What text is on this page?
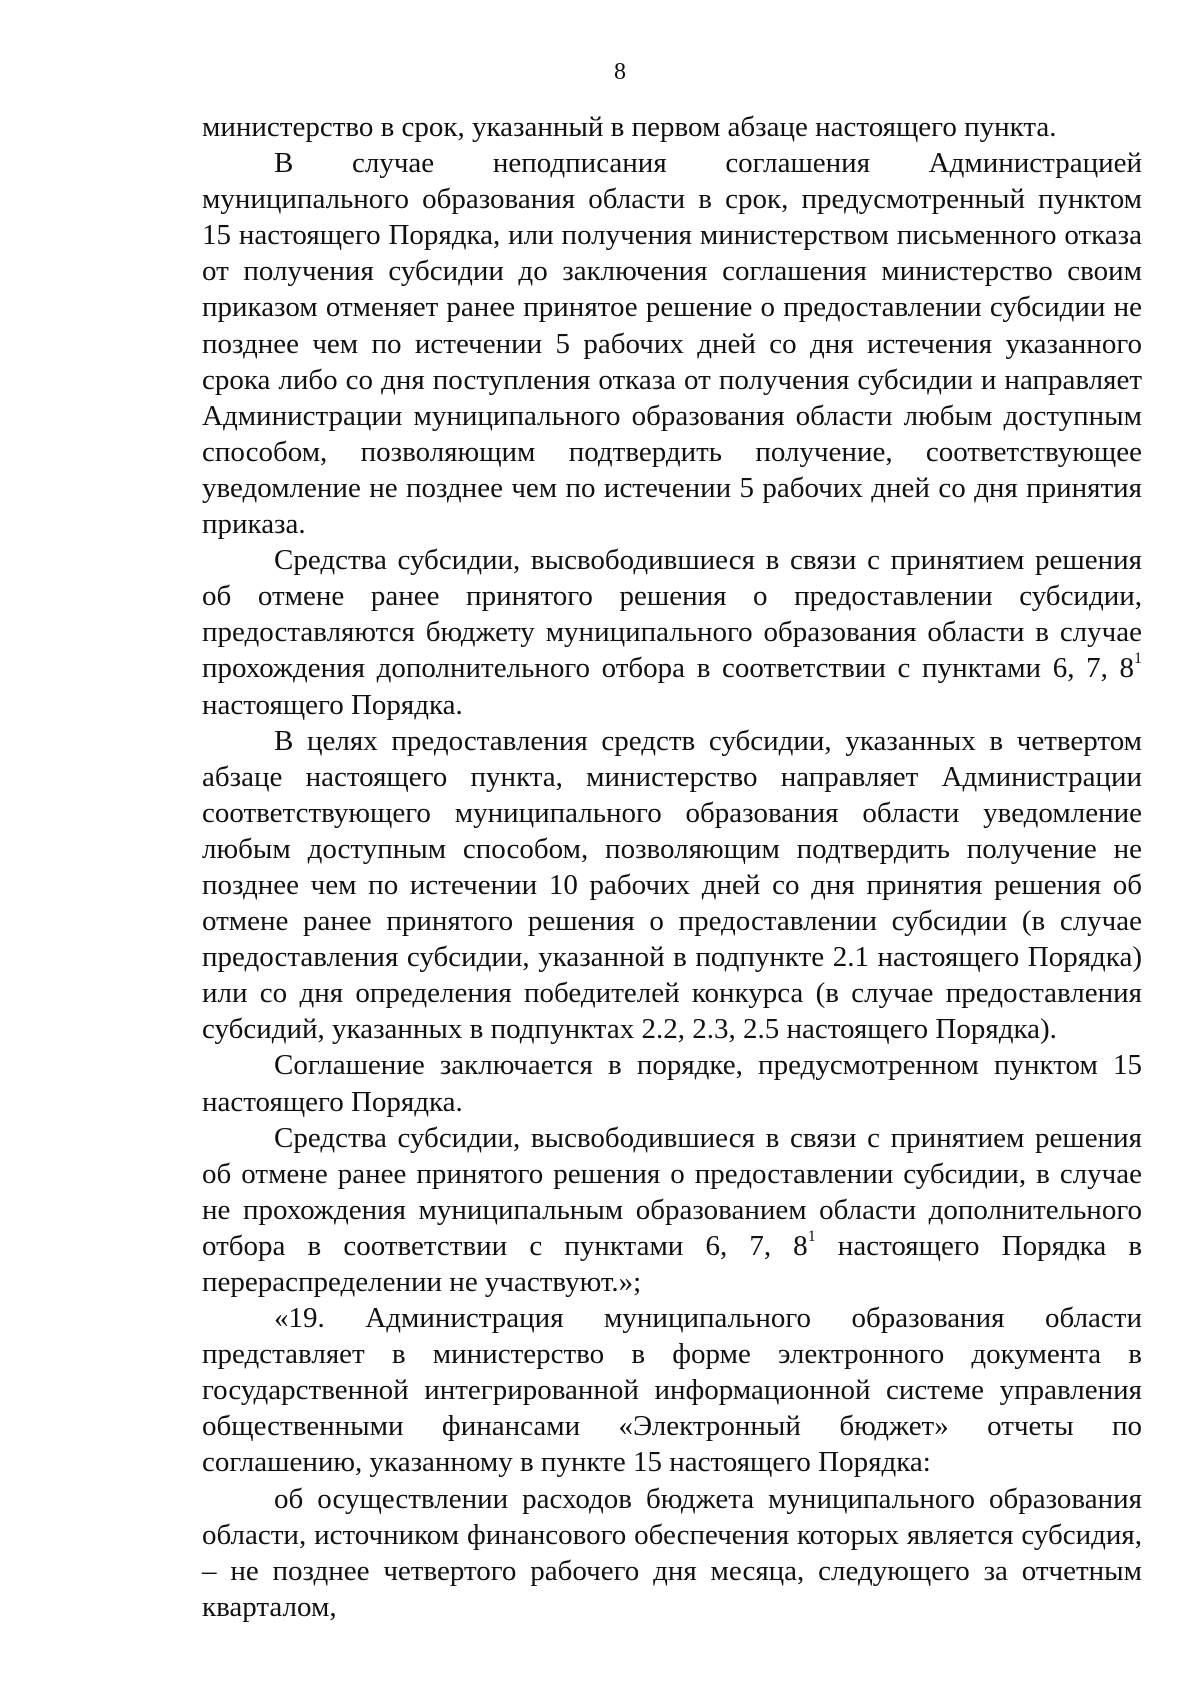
8

министерство в срок, указанный в первом абзаце настоящего пункта.

В случае неподписания соглашения Администрацией муниципального образования области в срок, предусмотренный пунктом 15 настоящего Порядка, или получения министерством письменного отказа от получения субсидии до заключения соглашения министерство своим приказом отменяет ранее принятое решение о предоставлении субсидии не позднее чем по истечении 5 рабочих дней со дня истечения указанного срока либо со дня поступления отказа от получения субсидии и направляет Администрации муниципального образования области любым доступным способом, позволяющим подтвердить получение, соответствующее уведомление не позднее чем по истечении 5 рабочих дней со дня принятия приказа.

Средства субсидии, высвободившиеся в связи с принятием решения об отмене ранее принятого решения о предоставлении субсидии, предоставляются бюджету муниципального образования области в случае прохождения дополнительного отбора в соответствии с пунктами 6, 7, $8^1$ настоящего Порядка.

В целях предоставления средств субсидии, указанных в четвертом абзаце настоящего пункта, министерство направляет Администрации соответствующего муниципального образования области уведомление любым доступным способом, позволяющим подтвердить получение не позднее чем по истечении 10 рабочих дней со дня принятия решения об отмене ранее принятого решения о предоставлении субсидии (в случае предоставления субсидии, указанной в подпункте 2.1 настоящего Порядка) или со дня определения победителей конкурса (в случае предоставления субсидий, указанных в подпунктах 2.2, 2.3, 2.5 настоящего Порядка).

Соглашение заключается в порядке, предусмотренном пунктом 15 настоящего Порядка.

Средства субсидии, высвободившиеся в связи с принятием решения об отмене ранее принятого решения о предоставлении субсидии, в случае не прохождения муниципальным образованием области дополнительного отбора в соответствии с пунктами 6, 7, $8^1$ настоящего Порядка в перераспределении не участвуют.»;

«19. Администрация муниципального образования области представляет в министерство в форме электронного документа в государственной интегрированной информационной системе управления общественными финансами «Электронный бюджет» отчеты по соглашению, указанному в пункте 15 настоящего Порядка:

об осуществлении расходов бюджета муниципального образования области, источником финансового обеспечения которых является субсидия, – не позднее четвертого рабочего дня месяца, следующего за отчетным кварталом,
